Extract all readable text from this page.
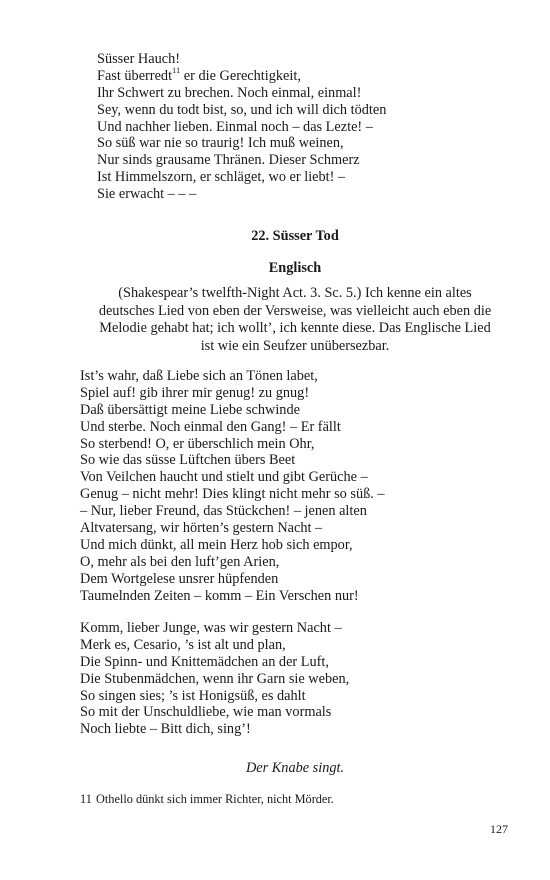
Süsser Hauch!
Fast überredt$^{11}$ er die Gerechtigkeit,
Ihr Schwert zu brechen. Noch einmal, einmal!
Sey, wenn du todt bist, so, und ich will dich tödten
Und nachher lieben. Einmal noch – das Lezte! –
So süß war nie so traurig! Ich muß weinen,
Nur sinds grausame Thränen. Dieser Schmerz
Ist Himmelszorn, er schläget, wo er liebt! –
Sie erwacht – – –
22. Süsser Tod
Englisch
(Shakespear’s twelfth-Night Act. 3. Sc. 5.) Ich kenne ein altes
deutsches Lied von eben der Versweise, was vielleicht auch eben die
Melodie gehabt hat; ich wollt’, ich kennte diese. Das Englische Lied
ist wie ein Seufzer unübersezbar.
Ist’s wahr, daß Liebe sich an Tönen labet,
Spiel auf! gib ihrer mir genug! zu gnug!
Daß übersättigt meine Liebe schwinde
Und sterbe. Noch einmal den Gang! – Er fällt
So sterbend! O, er überschlich mein Ohr,
So wie das süsse Lüftchen übers Beet
Von Veilchen haucht und stielt und gibt Gerüche –
Genug – nicht mehr! Dies klingt nicht mehr so süß. –
– Nur, lieber Freund, das Stückchen! – jenen alten
Altvatersang, wir hörten’s gestern Nacht –
Und mich dünkt, all mein Herz hob sich empor,
O, mehr als bei den luft’gen Arien,
Dem Wortgelese unsrer hüpfenden
Taumelnden Zeiten – komm – Ein Verschen nur!
Komm, lieber Junge, was wir gestern Nacht –
Merk es, Cesario, ’s ist alt und plan,
Die Spinn- und Knittemädchen an der Luft,
Die Stubenmädchen, wenn ihr Garn sie weben,
So singen sies; ’s ist Honigsüß, es dahlt
So mit der Unschuldliebe, wie man vormals
Noch liebte – Bitt dich, sing’!
Der Knabe singt.
11 Othello dünkt sich immer Richter, nicht Mörder.
127
